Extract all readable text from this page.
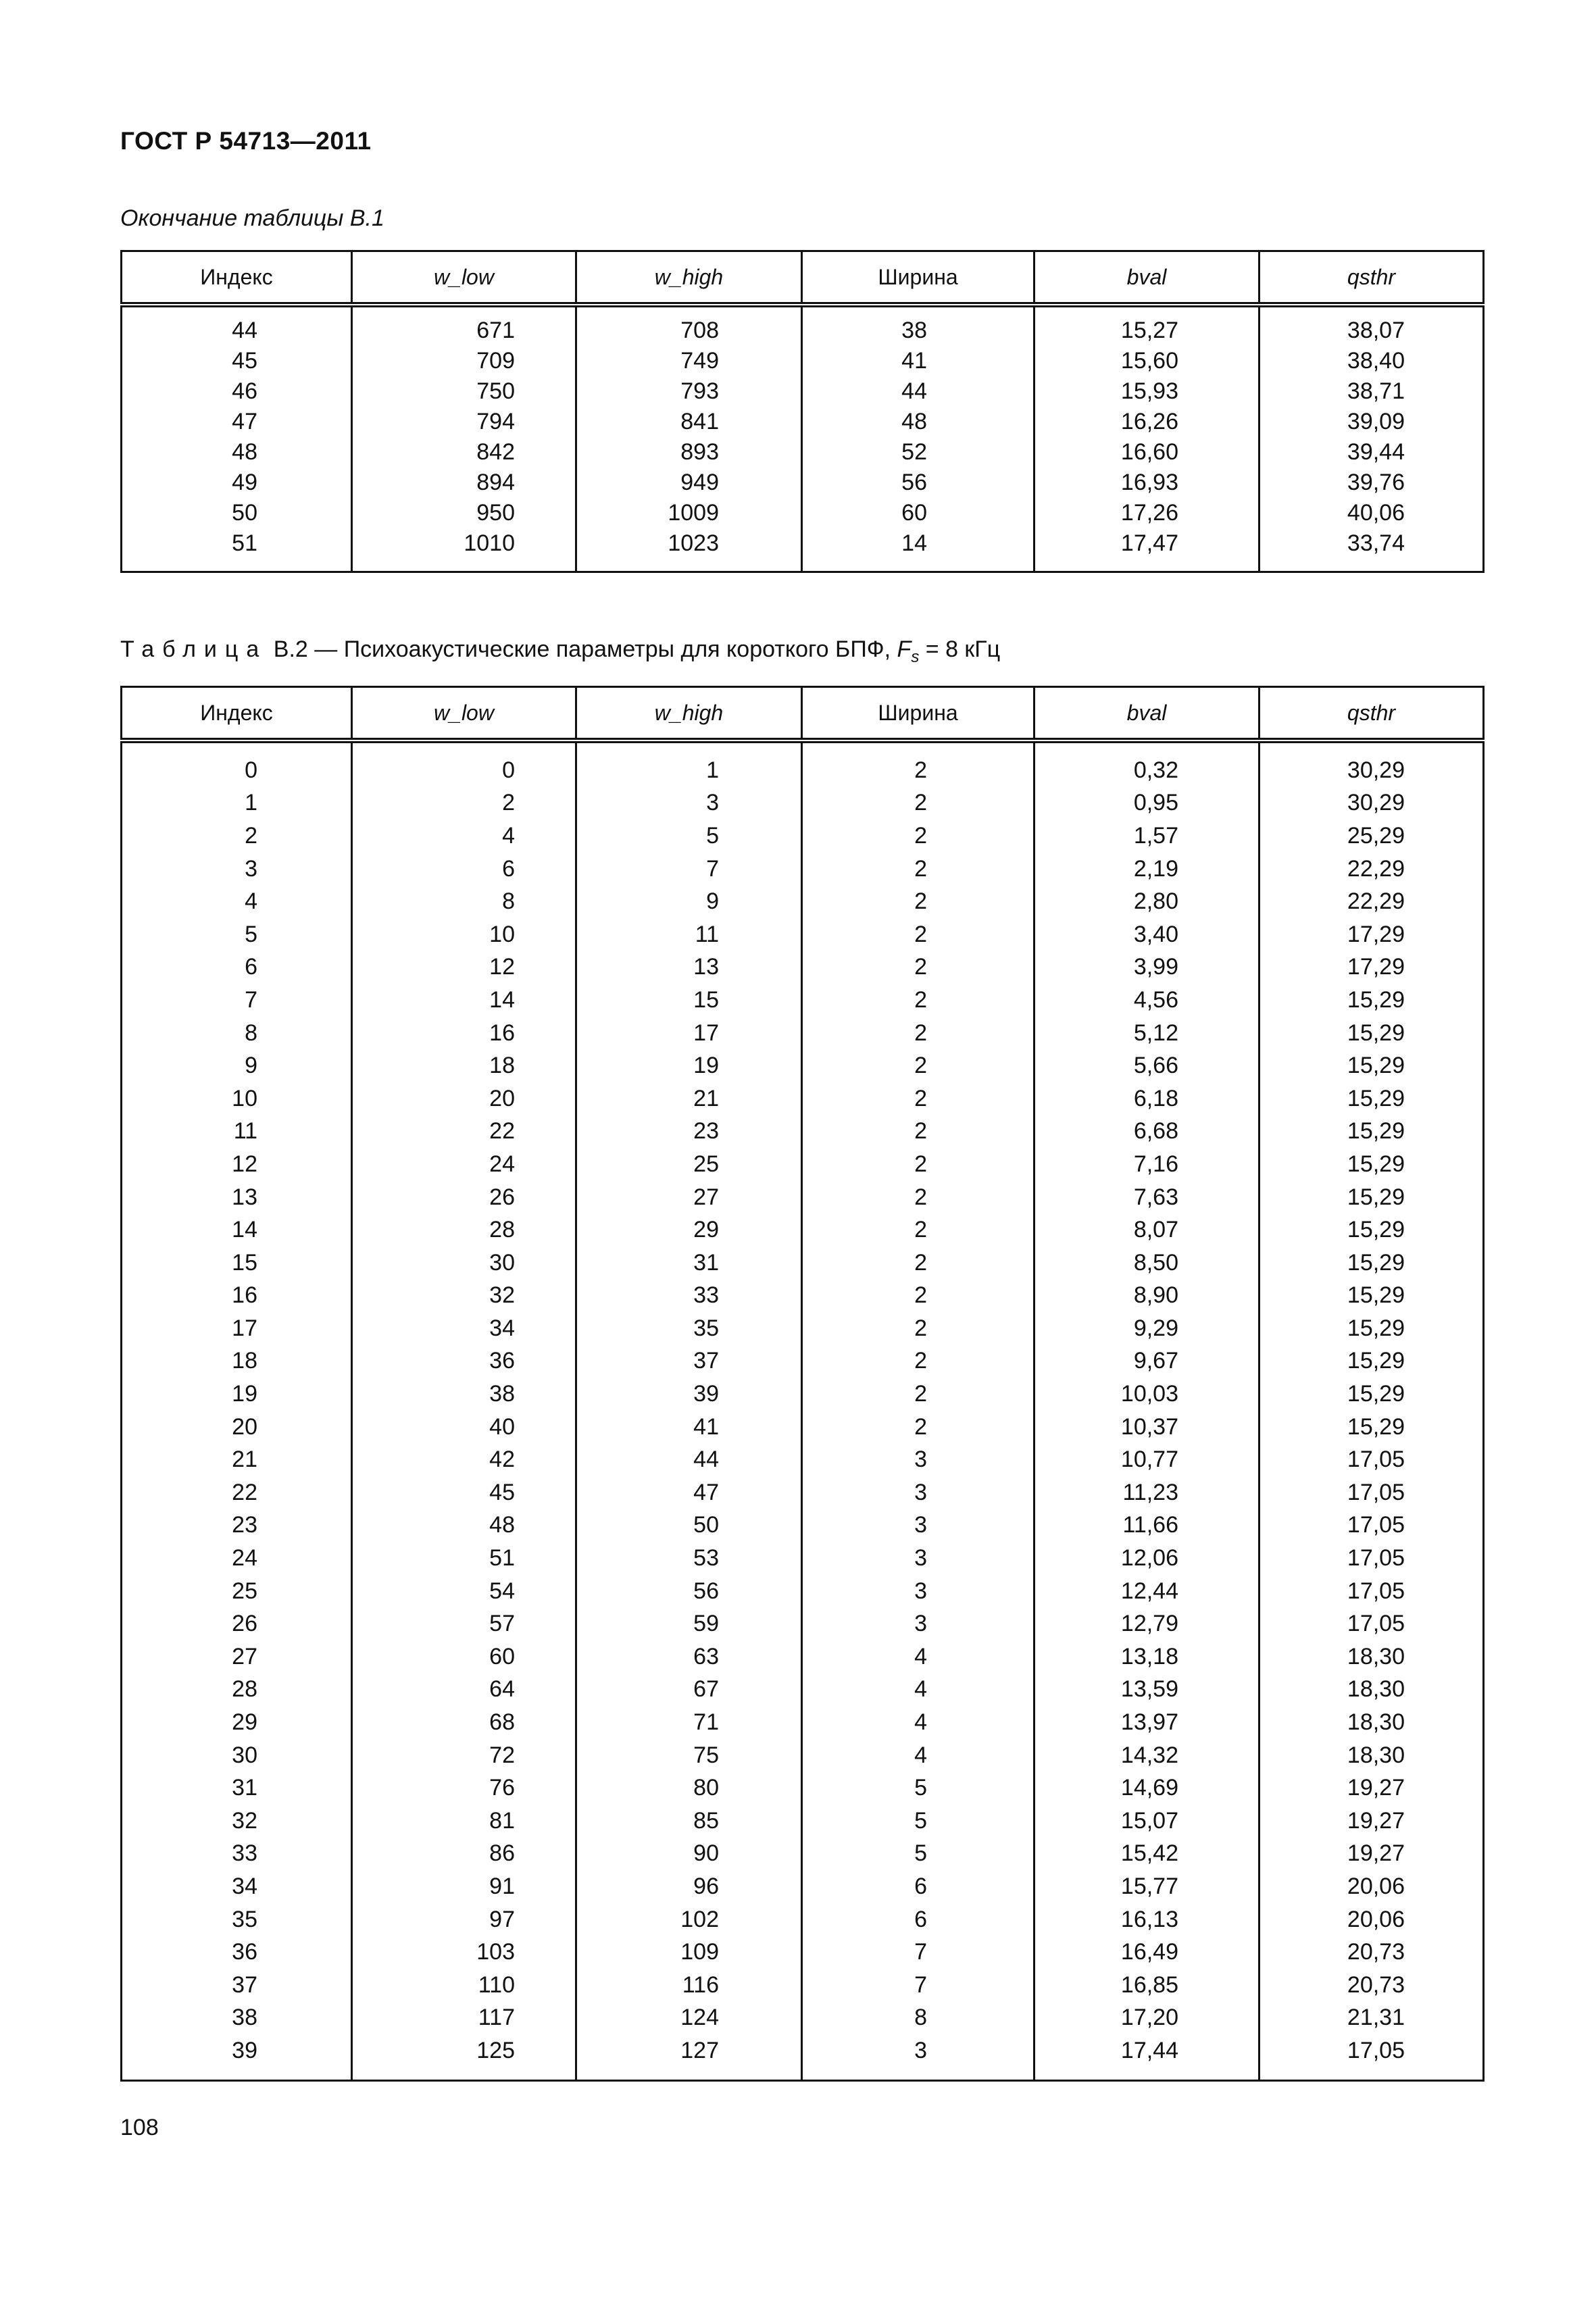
ГОСТ Р 54713—2011
Окончание таблицы В.1
Индекс	w_low	w_high	Ширина	bval	qsthr
44	671	708	38	15,27	38,07
45	709	749	41	15,60	38,40
46	750	793	44	15,93	38,71
47	794	841	48	16,26	39,09
48	842	893	52	16,60	39,44
49	894	949	56	16,93	39,76
50	950	1009	60	17,26	40,06
51	1010	1023	14	17,47	33,74
Таблица В.2 — Психоакустические параметры для короткого БПФ, $F_s = 8$ кГц
Индекс	w_low	w_high	Ширина	bval	qsthr
0	0	1	2	0,32	30,29
1	2	3	2	0,95	30,29
2	4	5	2	1,57	25,29
3	6	7	2	2,19	22,29
4	8	9	2	2,80	22,29
5	10	11	2	3,40	17,29
6	12	13	2	3,99	17,29
7	14	15	2	4,56	15,29
8	16	17	2	5,12	15,29
9	18	19	2	5,66	15,29
10	20	21	2	6,18	15,29
11	22	23	2	6,68	15,29
12	24	25	2	7,16	15,29
13	26	27	2	7,63	15,29
14	28	29	2	8,07	15,29
15	30	31	2	8,50	15,29
16	32	33	2	8,90	15,29
17	34	35	2	9,29	15,29
18	36	37	2	9,67	15,29
19	38	39	2	10,03	15,29
20	40	41	2	10,37	15,29
21	42	44	3	10,77	17,05
22	45	47	3	11,23	17,05
23	48	50	3	11,66	17,05
24	51	53	3	12,06	17,05
25	54	56	3	12,44	17,05
26	57	59	3	12,79	17,05
27	60	63	4	13,18	18,30
28	64	67	4	13,59	18,30
29	68	71	4	13,97	18,30
30	72	75	4	14,32	18,30
31	76	80	5	14,69	19,27
32	81	85	5	15,07	19,27
33	86	90	5	15,42	19,27
34	91	96	6	15,77	20,06
35	97	102	6	16,13	20,06
36	103	109	7	16,49	20,73
37	110	116	7	16,85	20,73
38	117	124	8	17,20	21,31
39	125	127	3	17,44	17,05
108
